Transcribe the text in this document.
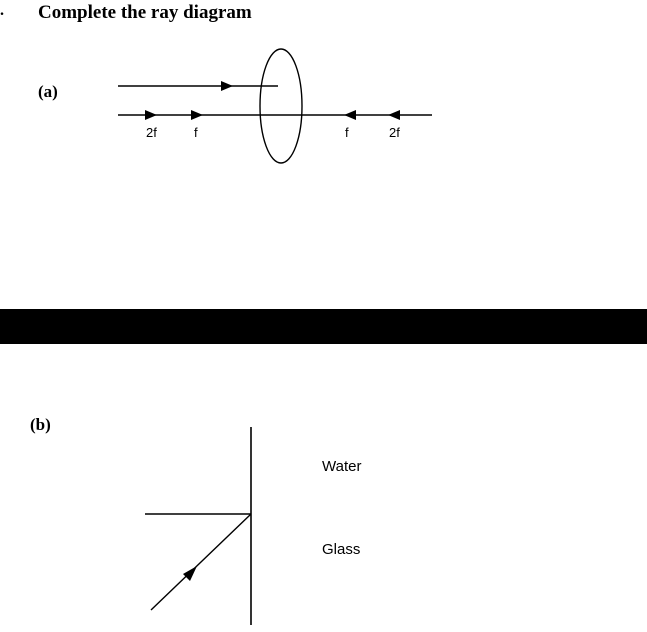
. Complete the ray diagram
(a)
2f	f	f	2f
Water
Glass
(b)
